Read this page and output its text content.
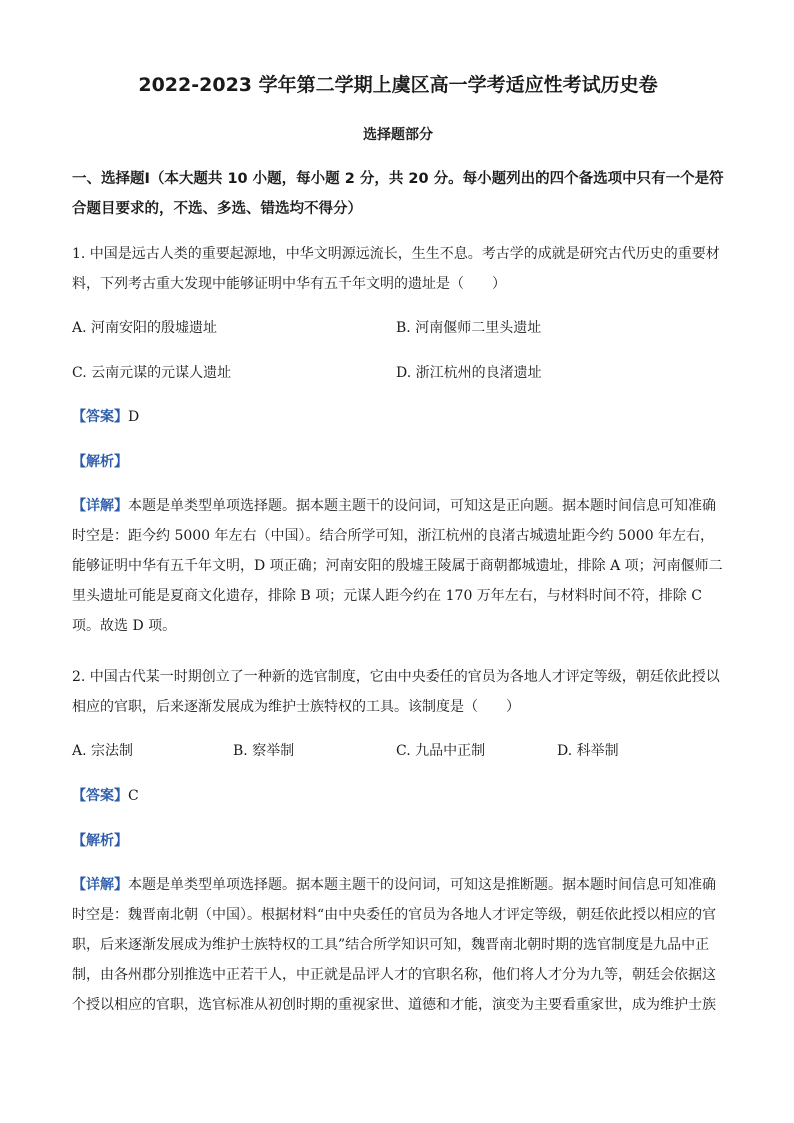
2022-2023 学年第二学期上虞区高一学考适应性考试历史卷
选择题部分
一、选择题Ⅰ（本大题共 10 小题，每小题 2 分，共 20 分。每小题列出的四个备选项中只有一个是符合题目要求的，不选、多选、错选均不得分）
1. 中国是远古人类的重要起源地，中华文明源远流长，生生不息。考古学的成就是研究古代历史的重要材料，下列考古重大发现中能够证明中华有五千年文明的遗址是（　　）
A. 河南安阳的殷墟遗址	B. 河南偃师二里头遗址
C. 云南元谋的元谋人遗址	D. 浙江杭州的良渚遗址
【答案】D
【解析】
【详解】本题是单类型单项选择题。据本题主题干的设问词，可知这是正向题。据本题时间信息可知准确时空是：距今约 5000 年左右（中国）。结合所学可知，浙江杭州的良渚古城遗址距今约 5000 年左右，能够证明中华有五千年文明，D 项正确；河南安阳的殷墟王陵属于商朝都城遗址，排除 A 项；河南偃师二里头遗址可能是夏商文化遗存，排除 B 项；元谋人距今约在 170 万年左右，与材料时间不符，排除 C 项。故选 D 项。
2. 中国古代某一时期创立了一种新的选官制度，它由中央委任的官员为各地人才评定等级，朝廷依此授以相应的官职，后来逐渐发展成为维护士族特权的工具。该制度是（　　）
A. 宗法制	B. 察举制	C. 九品中正制	D. 科举制
【答案】C
【解析】
【详解】本题是单类型单项选择题。据本题主题干的设问词，可知这是推断题。据本题时间信息可知准确时空是：魏晋南北朝（中国）。根据材料“由中央委任的官员为各地人才评定等级，朝廷依此授以相应的官职，后来逐渐发展成为维护士族特权的工具”结合所学知识可知，魏晋南北朝时期的选官制度是九品中正制，由各州郡分别推选中正若干人，中正就是品评人才的官职名称，他们将人才分为九等，朝廷会依据这个授以相应的官职，选官标准从初创时期的重视家世、道德和才能，演变为主要看重家世，成为维护士族
